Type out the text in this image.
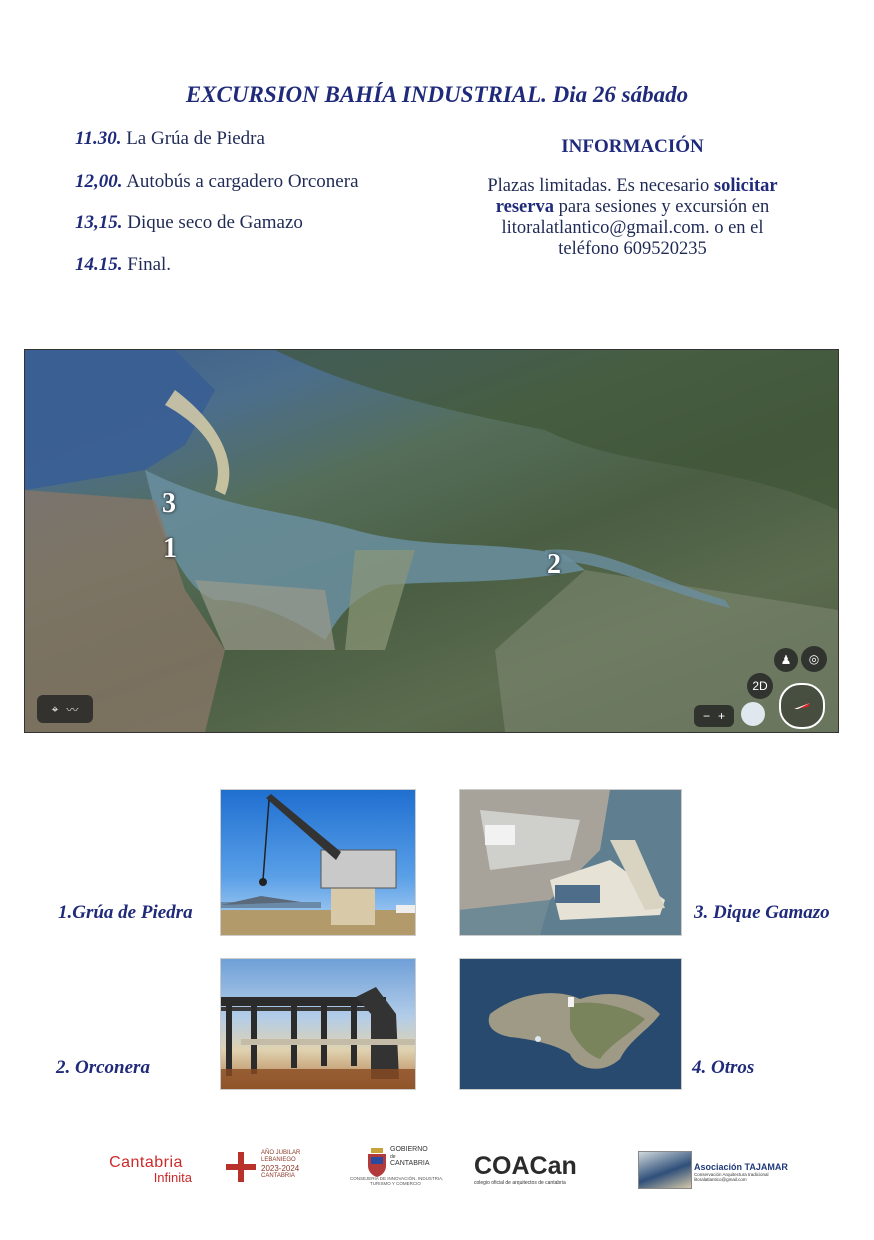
EXCURSION BAHÍA INDUSTRIAL. Dia 26 sábado
11.30. La Grúa de Piedra
12,00. Autobús a cargadero Orconera
13,15. Dique seco de Gamazo
14.15. Final.
INFORMACIÓN
Plazas limitadas. Es necesario solicitar reserva para sesiones y excursión en litoralatlantico@gmail.com. o en el teléfono 609520235
3
1
2
⌖ 〰
♟ ◎
2D
− +
1.Grúa de Piedra	3. Dique Gamazo
2. Orconera	4. Otros
Cantabria
Infinita
AÑO JUBILAR
LEBANIEGO
2023-2024
CANTABRIA
GOBIERNO
de
CANTABRIA
CONSEJERÍA DE INNOVACIÓN, INDUSTRIA,
TURISMO Y COMERCIO
COACan
colegio oficial de arquitectos de cantabria
Asociación TAJAMAR
Conservación Arquitectura tradicional
litoralatlantico@gmail.com
